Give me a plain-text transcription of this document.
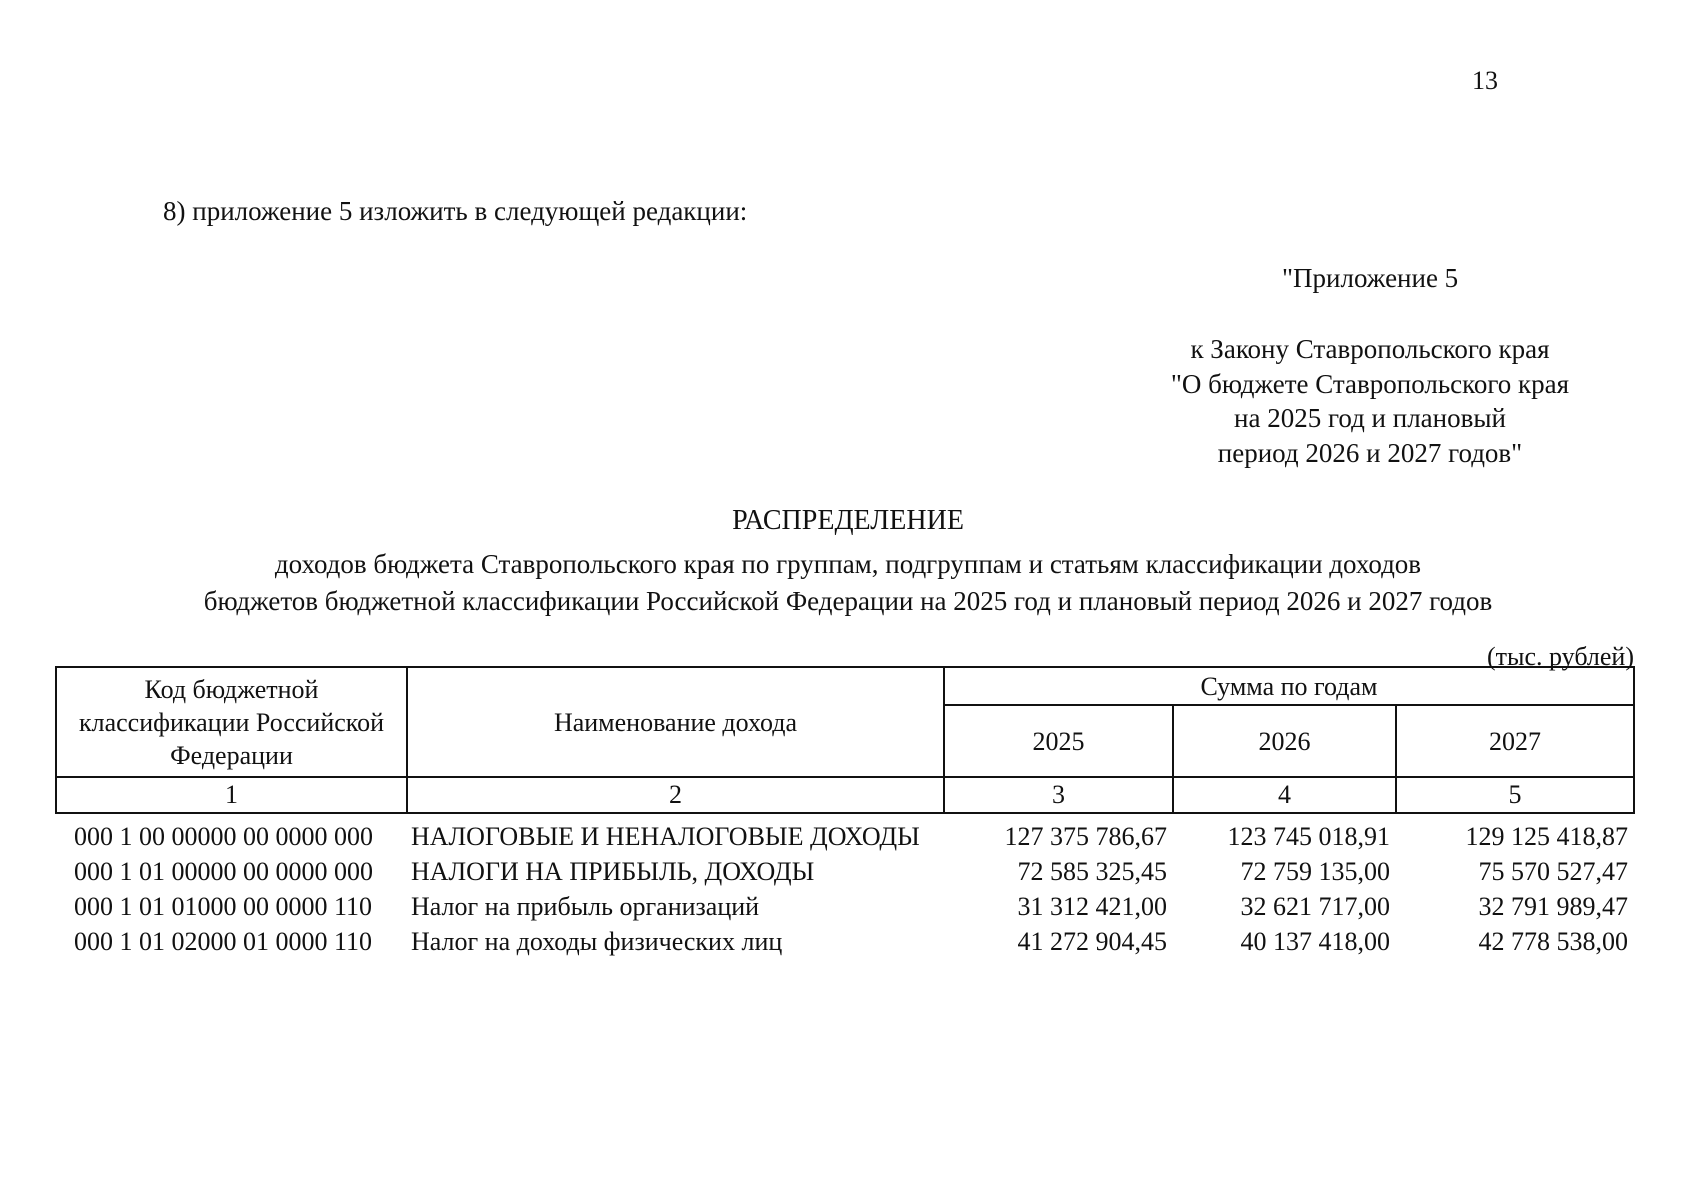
13
8) приложение 5 изложить в следующей редакции:
"Приложение 5
к Закону Ставропольского края
"О бюджете Ставропольского края
на 2025 год и плановый
период 2026 и 2027 годов"
РАСПРЕДЕЛЕНИЕ
доходов бюджета Ставропольского края по группам, подгруппам и статьям классификации доходов
бюджетов бюджетной классификации Российской Федерации на 2025 год и плановый период 2026 и 2027 годов
(тыс. рублей)
Код бюджетной классификации Российской Федерации	Наименование дохода	Сумма по годам		
		2025	2026	2027
1	2	3	4	5
000 1 00 00000 00 0000 000	НАЛОГОВЫЕ И НЕНАЛОГОВЫЕ ДОХОДЫ	127 375 786,67	123 745 018,91	129 125 418,87
000 1 01 00000 00 0000 000	НАЛОГИ НА ПРИБЫЛЬ, ДОХОДЫ	72 585 325,45	72 759 135,00	75 570 527,47
000 1 01 01000 00 0000 110	Налог на прибыль организаций	31 312 421,00	32 621 717,00	32 791 989,47
000 1 01 02000 01 0000 110	Налог на доходы физических лиц	41 272 904,45	40 137 418,00	42 778 538,00
